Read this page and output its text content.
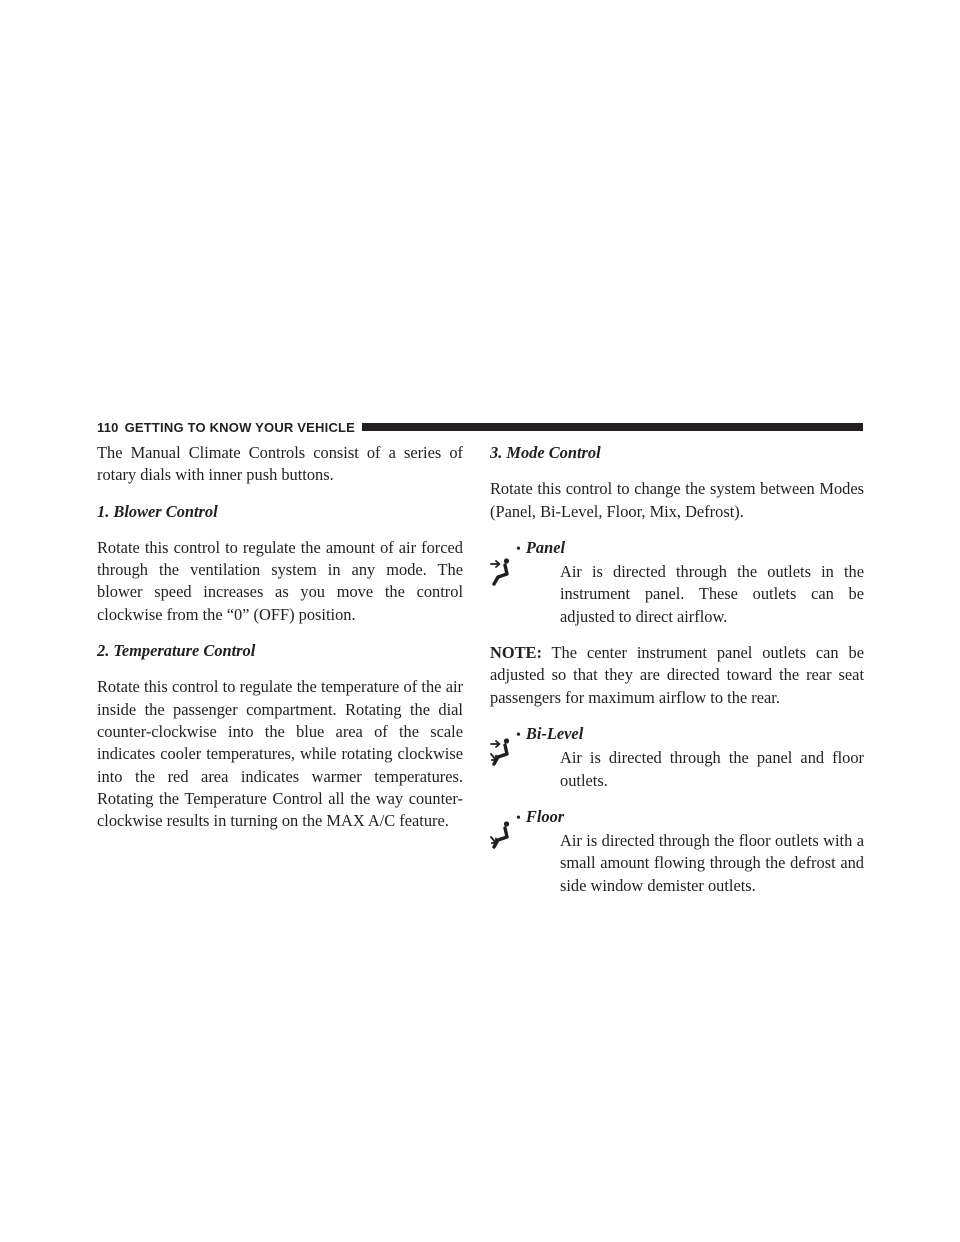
110 GETTING TO KNOW YOUR VEHICLE

The Manual Climate Controls consist of a series of rotary dials with inner push buttons.

1. Blower Control

Rotate this control to regulate the amount of air forced through the ventilation system in any mode. The blower speed increases as you move the control clockwise from the “0” (OFF) position.

2. Temperature Control

Rotate this control to regulate the temperature of the air inside the passenger compartment. Rotating the dial counter-clockwise into the blue area of the scale indicates cooler temperatures, while rotating clockwise into the red area indicates warmer temperatures. Rotating the Temperature Control all the way counter-clockwise results in turning on the MAX A/C feature.

3. Mode Control

Rotate this control to change the system between Modes (Panel, Bi-Level, Floor, Mix, Defrost).

• Panel
Air is directed through the outlets in the instrument panel. These outlets can be adjusted to direct airflow.

NOTE: The center instrument panel outlets can be adjusted so that they are directed toward the rear seat passengers for maximum airflow to the rear.

• Bi-Level
Air is directed through the panel and floor outlets.
• Floor
Air is directed through the floor outlets with a small amount flowing through the defrost and side window demister outlets.
